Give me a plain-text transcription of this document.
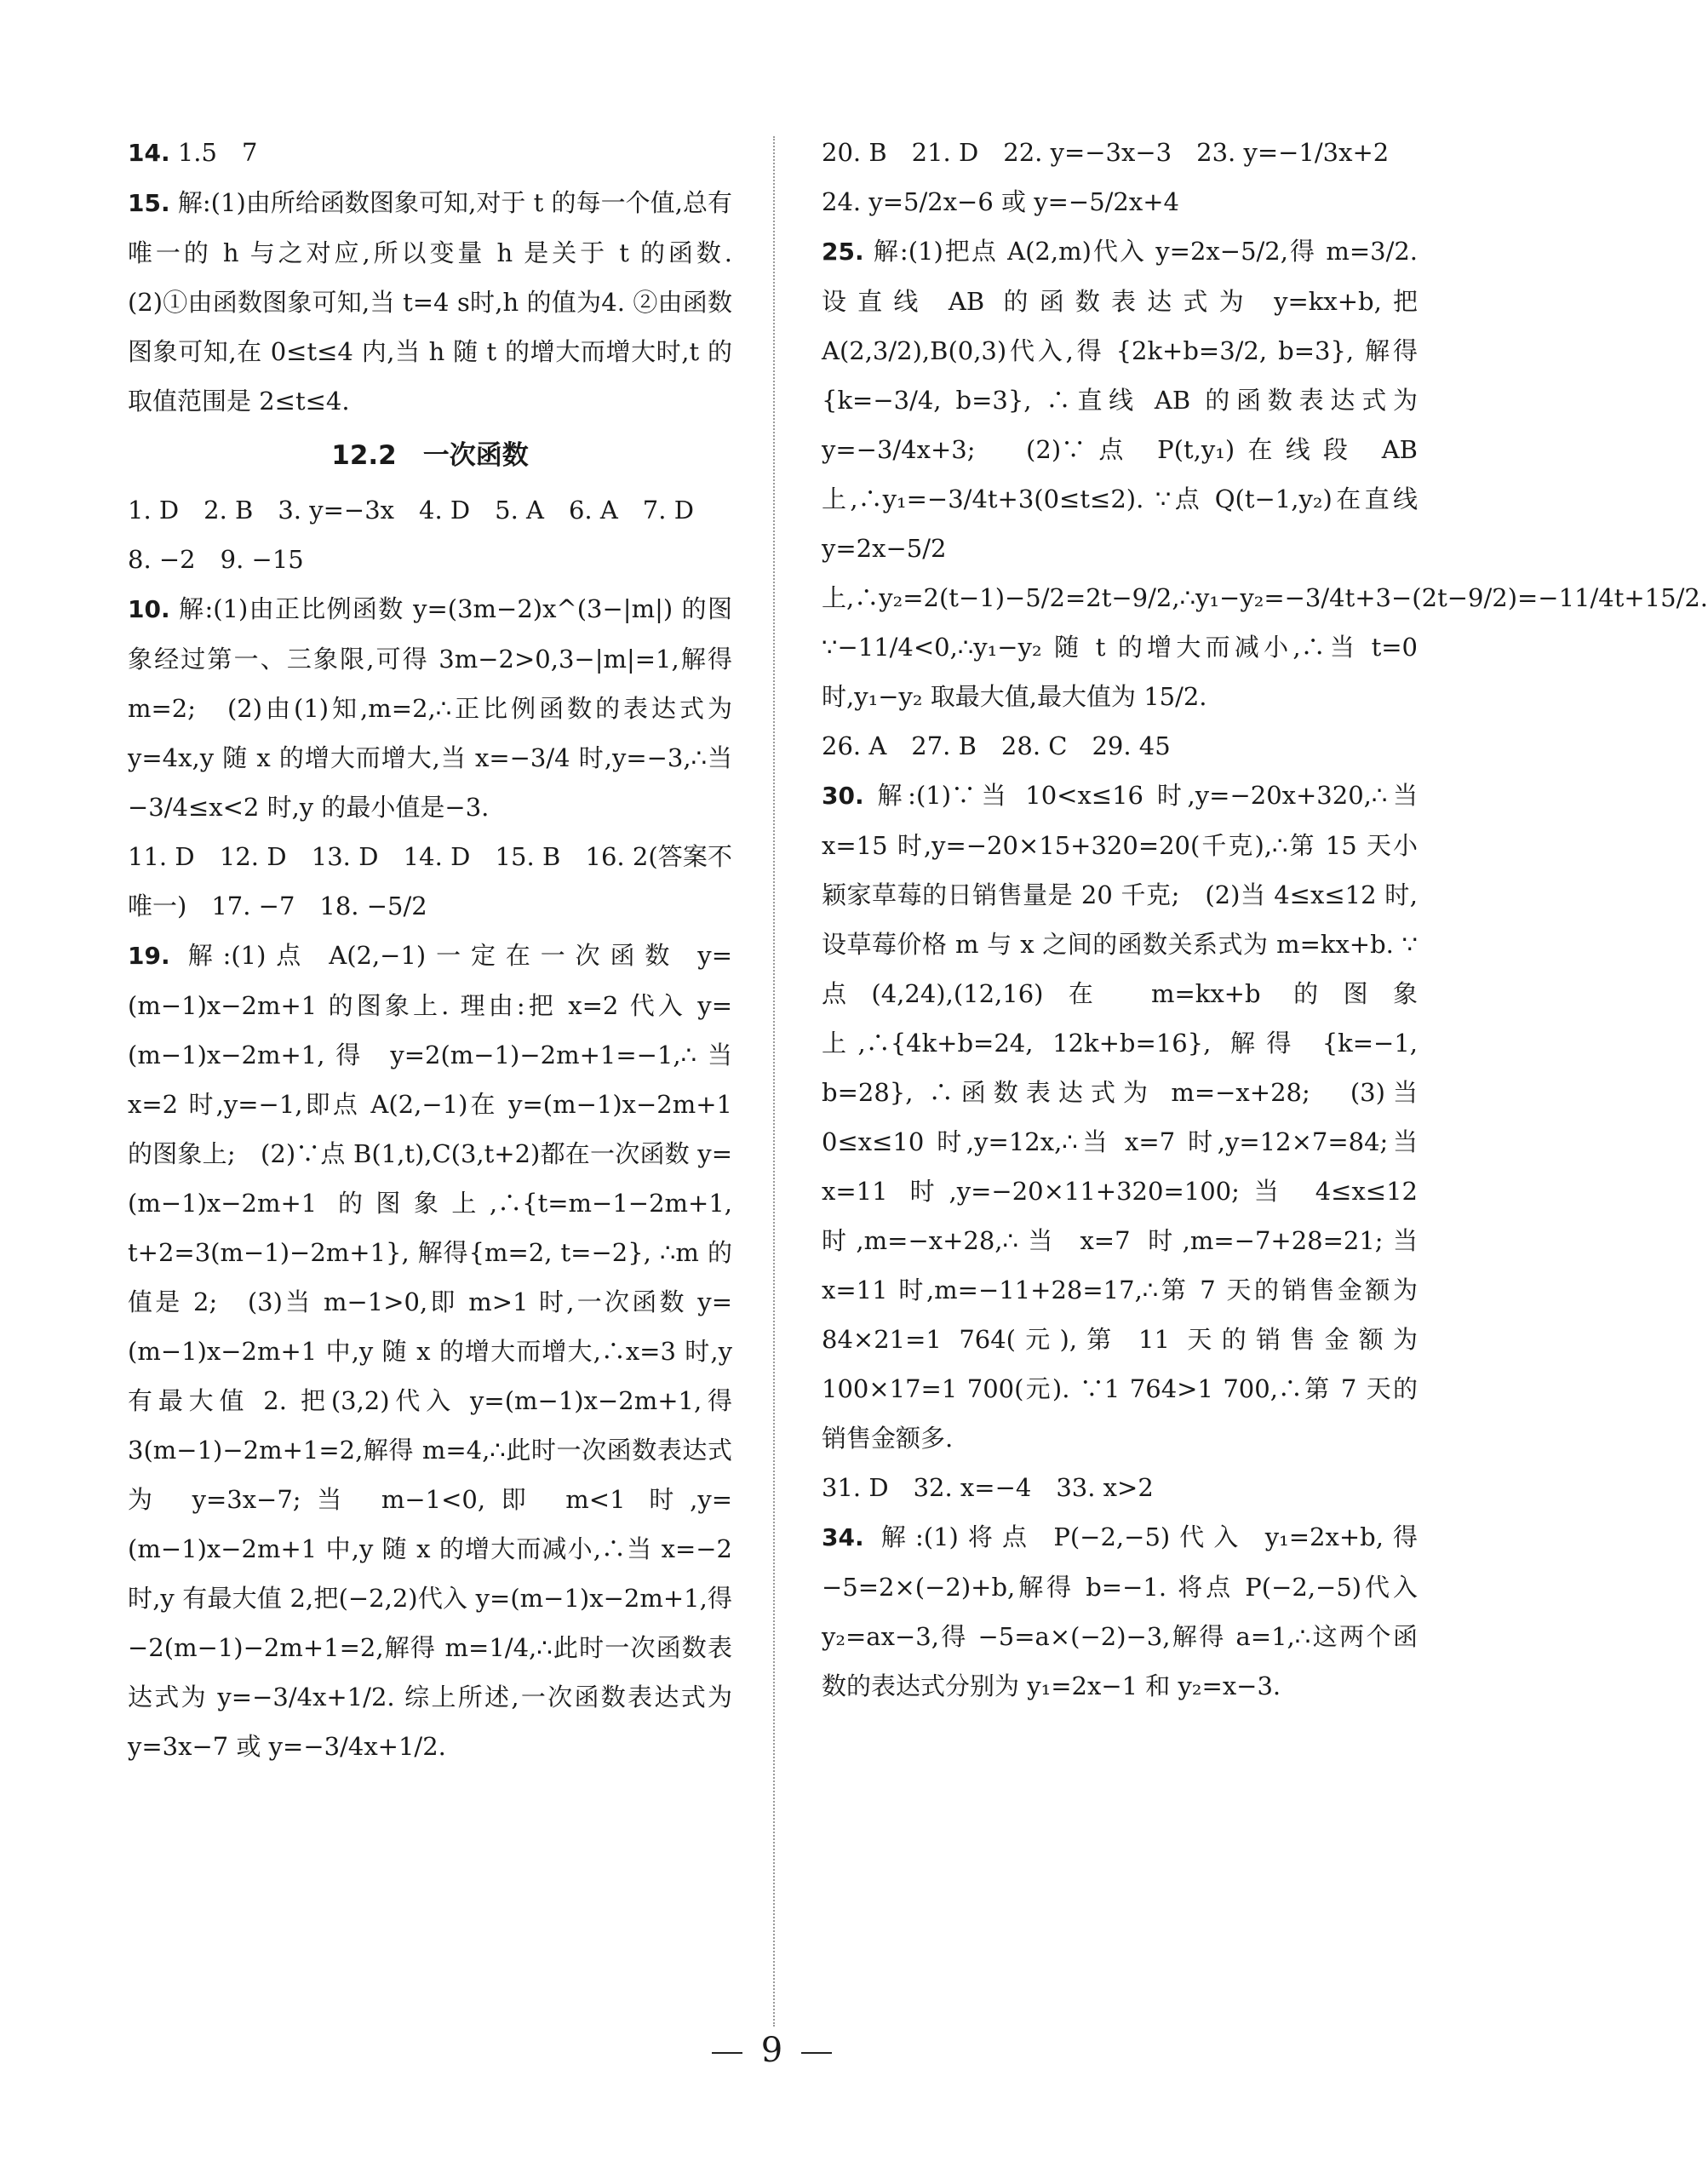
14. 1.5　7

15. 解:(1)由所给函数图象可知,对于 t 的每一个值,总有唯一的 h 与之对应,所以变量 h 是关于 t 的函数.　(2)①由函数图象可知,当 t=4 s时,h 的值为4. ②由函数图象可知,在 0≤t≤4 内,当 h 随 t 的增大而增大时,t 的取值范围是 2≤t≤4.

12.2　一次函数

1. D　2. B　3. y=−3x　4. D　5. A　6. A　7. D

8. −2　9. −15

10. 解:(1)由正比例函数 y=(3m−2)x^(3−|m|) 的图象经过第一、三象限,可得 3m−2>0,3−|m|=1,解得 m=2;　(2)由(1)知,m=2,∴正比例函数的表达式为 y=4x,y 随 x 的增大而增大,当 x=−3/4 时,y=−3,∴当 −3/4≤x<2 时,y 的最小值是−3.

11. D　12. D　13. D　14. D　15. B　16. 2(答案不唯一)　17. −7　18. −5/2

19. 解:(1)点 A(2,−1)一定在一次函数 y=(m−1)x−2m+1 的图象上. 理由:把 x=2 代入 y=(m−1)x−2m+1,得 y=2(m−1)−2m+1=−1,∴当 x=2 时,y=−1,即点 A(2,−1)在 y=(m−1)x−2m+1 的图象上;　(2)∵点 B(1,t),C(3,t+2)都在一次函数 y=(m−1)x−2m+1 的图象上,∴{t=m−1−2m+1, t+2=3(m−1)−2m+1}, 解得{m=2, t=−2}, ∴m 的值是 2;　(3)当 m−1>0,即 m>1 时,一次函数 y=(m−1)x−2m+1 中,y 随 x 的增大而增大,∴x=3 时,y 有最大值 2. 把(3,2)代入 y=(m−1)x−2m+1,得 3(m−1)−2m+1=2,解得 m=4,∴此时一次函数表达式为 y=3x−7;当 m−1<0,即 m<1 时,y=(m−1)x−2m+1 中,y 随 x 的增大而减小,∴当 x=−2 时,y 有最大值 2,把(−2,2)代入 y=(m−1)x−2m+1,得 −2(m−1)−2m+1=2,解得 m=1/4,∴此时一次函数表达式为 y=−3/4x+1/2. 综上所述,一次函数表达式为 y=3x−7 或 y=−3/4x+1/2.

20. B　21. D　22. y=−3x−3　23. y=−1/3x+2

24. y=5/2x−6 或 y=−5/2x+4

25. 解:(1)把点 A(2,m)代入 y=2x−5/2,得 m=3/2. 设直线 AB 的函数表达式为 y=kx+b,把 A(2,3/2),B(0,3)代入,得 {2k+b=3/2, b=3}, 解得 {k=−3/4, b=3}, ∴直线 AB 的函数表达式为 y=−3/4x+3;　(2)∵点 P(t,y₁)在线段 AB 上,∴y₁=−3/4t+3(0≤t≤2). ∵点 Q(t−1,y₂)在直线 y=2x−5/2 上,∴y₂=2(t−1)−5/2=2t−9/2,∴y₁−y₂=−3/4t+3−(2t−9/2)=−11/4t+15/2. ∵−11/4<0,∴y₁−y₂ 随 t 的增大而减小,∴当 t=0 时,y₁−y₂ 取最大值,最大值为 15/2.

26. A　27. B　28. C　29. 45

30. 解:(1)∵当 10<x≤16 时,y=−20x+320,∴当 x=15 时,y=−20×15+320=20(千克),∴第 15 天小颖家草莓的日销售量是 20 千克;　(2)当 4≤x≤12 时,设草莓价格 m 与 x 之间的函数关系式为 m=kx+b. ∵点(4,24),(12,16)在 m=kx+b 的图象上,∴{4k+b=24, 12k+b=16}, 解得 {k=−1, b=28}, ∴函数表达式为 m=−x+28;　(3)当 0≤x≤10 时,y=12x,∴当 x=7 时,y=12×7=84;当 x=11 时,y=−20×11+320=100;当 4≤x≤12 时,m=−x+28,∴当 x=7 时,m=−7+28=21;当 x=11 时,m=−11+28=17,∴第 7 天的销售金额为 84×21=1 764(元),第 11 天的销售金额为 100×17=1 700(元). ∵1 764>1 700,∴第 7 天的销售金额多.

31. D　32. x=−4　33. x>2

34. 解:(1)将点 P(−2,−5)代入 y₁=2x+b,得 −5=2×(−2)+b,解得 b=−1. 将点 P(−2,−5)代入 y₂=ax−3,得 −5=a×(−2)−3,解得 a=1,∴这两个函数的表达式分别为 y₁=2x−1 和 y₂=x−3.

9
